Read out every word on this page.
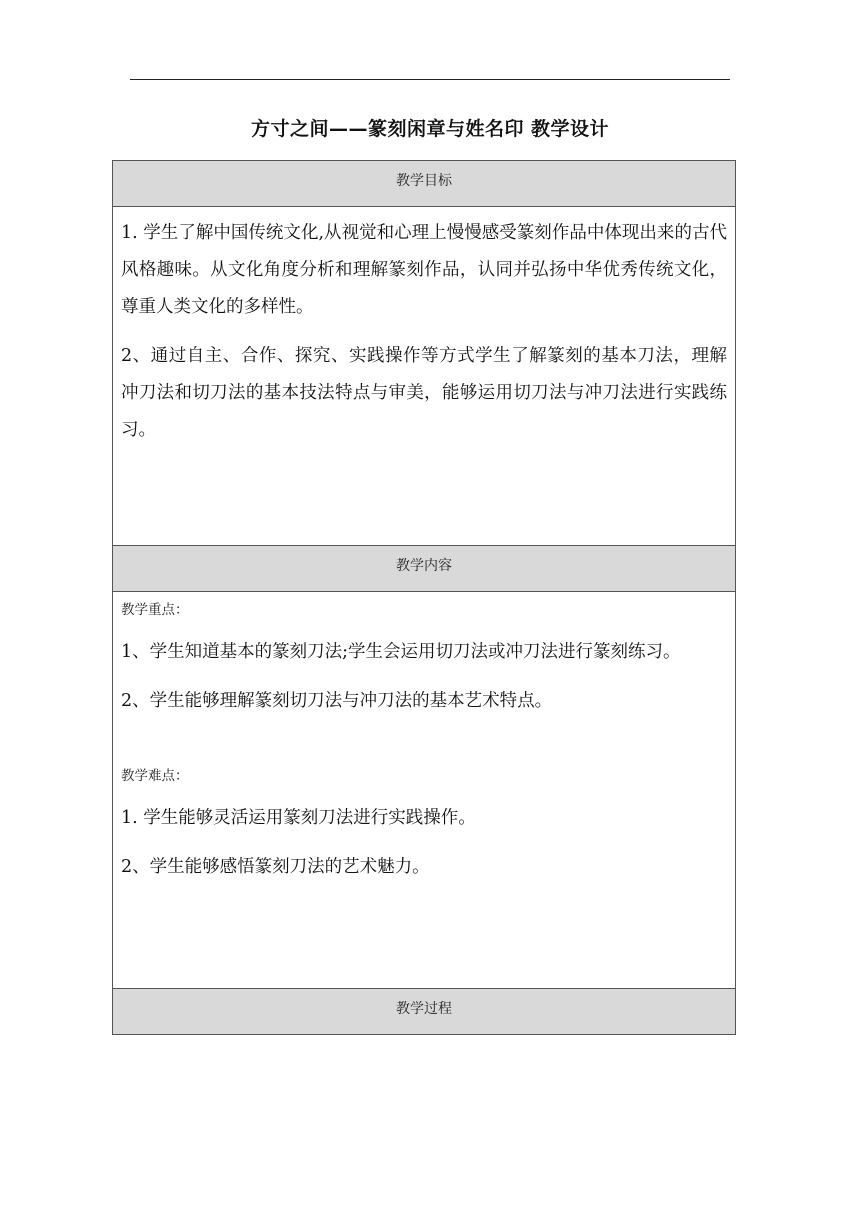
方寸之间——篆刻闲章与姓名印 教学设计
教学目标

1. 学生了解中国传统文化,从视觉和心理上慢慢感受篆刻作品中体现出来的古代风格趣味。从文化角度分析和理解篆刻作品，认同并弘扬中华优秀传统文化，尊重人类文化的多样性。

2、通过自主、合作、探究、实践操作等方式学生了解篆刻的基本刀法，理解冲刀法和切刀法的基本技法特点与审美，能够运用切刀法与冲刀法进行实践练习。

教学内容

教学重点：

1、学生知道基本的篆刻刀法;学生会运用切刀法或冲刀法进行篆刻练习。

2、学生能够理解篆刻切刀法与冲刀法的基本艺术特点。

教学难点：

1. 学生能够灵活运用篆刻刀法进行实践操作。

2、学生能够感悟篆刻刀法的艺术魅力。

教学过程
